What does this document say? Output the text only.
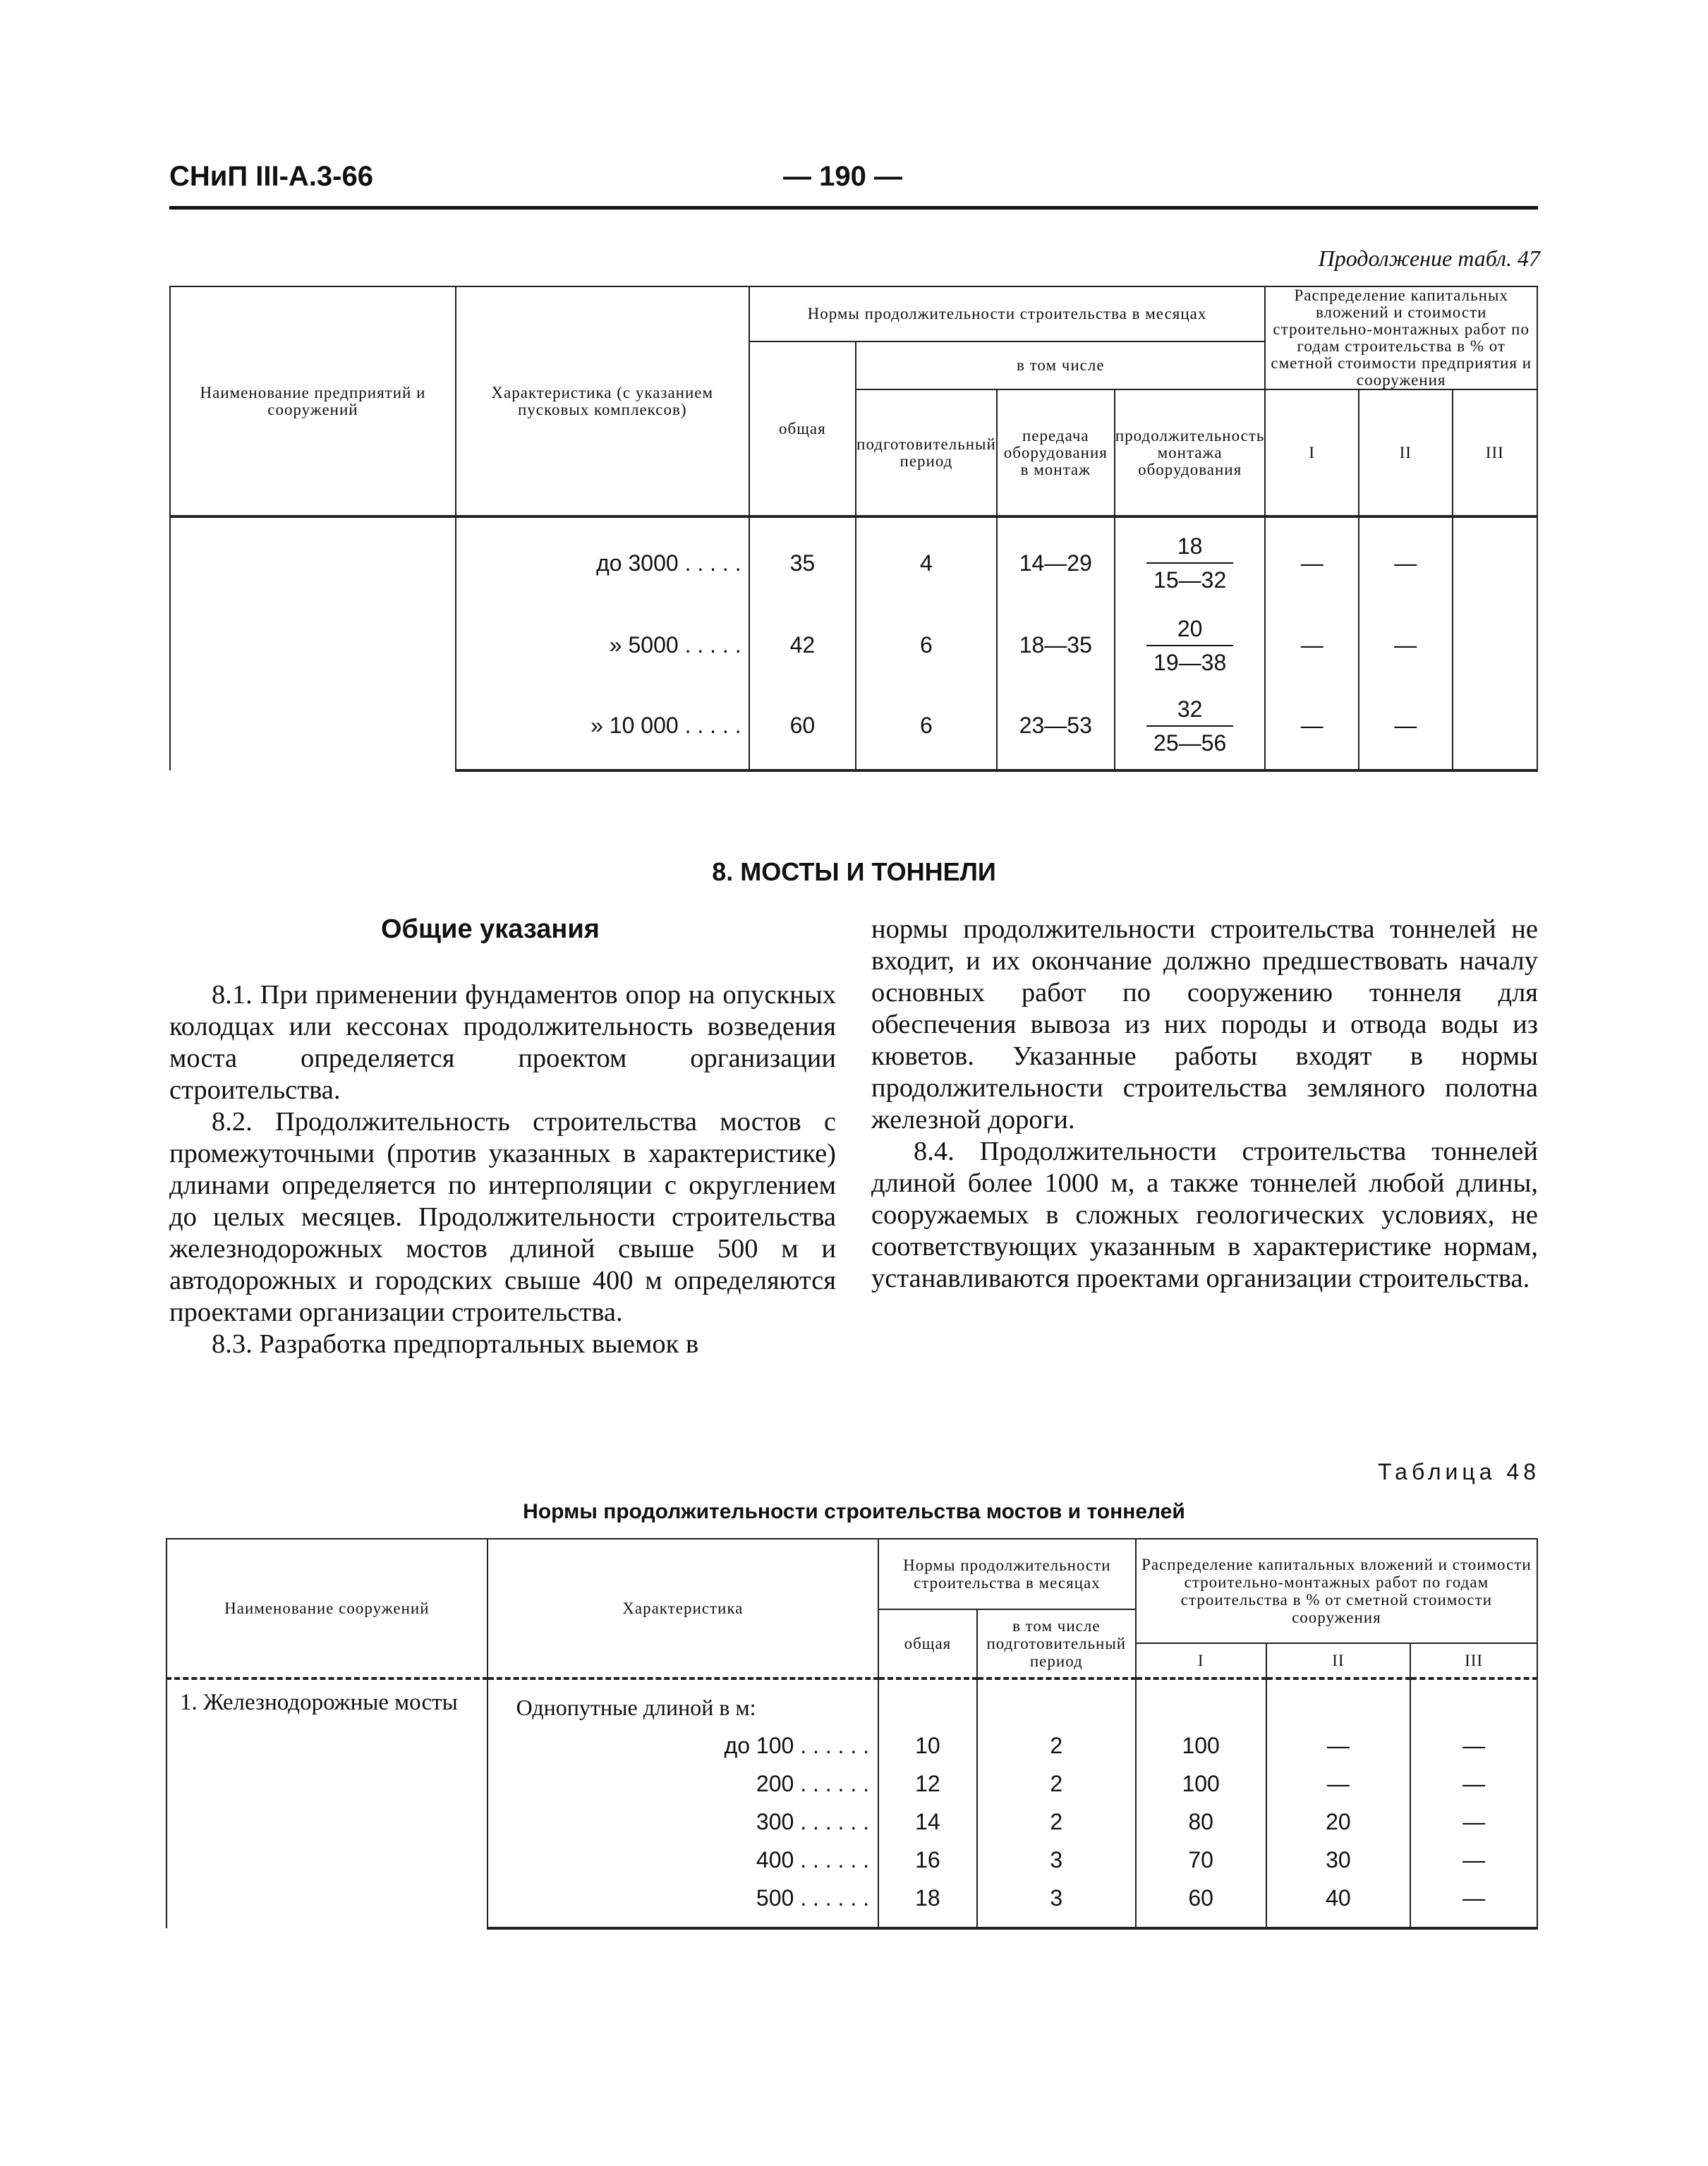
СНиП III-А.3-66	— 190 —
Продолжение табл. 47
Наименование предприятий и сооружений	Характеристика (с указанием пусковых комплексов)	Нормы продолжительности строительства в месяцах				Распределение капитальных вложений и стоимости строительно-монтажных работ по годам строительства в % от сметной стоимости предприятия и сооружения		
		общая	в том числе					
			подготовительный период	передача оборудования в монтаж	продолжительность монтажа оборудования	I	II	III
	до 3000 . . . . .	35	4	14—29	$\frac{18}{15—32}$	—	—	
	» 5000 . . . . .	42	6	18—35	$\frac{20}{19—38}$	—	—	
	» 10 000 . . . . .	60	6	23—53	$\frac{32}{25—56}$	—	—	
8. МОСТЫ И ТОННЕЛИ
Общие указания

8.1. При применении фундаментов опор на опускных колодцах или кессонах продолжительность возведения моста определяется проектом организации строительства.

8.2. Продолжительность строительства мостов с промежуточными (против указанных в характеристике) длинами определяется по интерполяции с округлением до целых месяцев. Продолжительности строительства железнодорожных мостов длиной свыше 500 м и автодорожных и городских свыше 400 м определяются проектами организации строительства.

8.3. Разработка предпортальных выемок в

нормы продолжительности строительства тоннелей не входит, и их окончание должно предшествовать началу основных работ по сооружению тоннеля для обеспечения вывоза из них породы и отвода воды из кюветов. Указанные работы входят в нормы продолжительности строительства земляного полотна железной дороги.

8.4. Продолжительности строительства тоннелей длиной более 1000 м, а также тоннелей любой длины, сооружаемых в сложных геологических условиях, не соответствующих указанным в характеристике нормам, устанавливаются проектами организации строительства.

Таблица 48
Нормы продолжительности строительства мостов и тоннелей
Наименование сооружений	Характеристика	Нормы продолжительности строительства в месяцах		Распределение капитальных вложений и стоимости строительно-монтажных работ по годам строительства в % от сметной стоимости сооружения		
		общая	в том числе подготовительный период			
				I	II	III
1. Железнодорожные мосты	Однопутные длиной в м:					
	до 100 . . . . . .	10	2	100	—	—
	200 . . . . . .	12	2	100	—	—
	300 . . . . . .	14	2	80	20	—
	400 . . . . . .	16	3	70	30	—
	500 . . . . . .	18	3	60	40	—
